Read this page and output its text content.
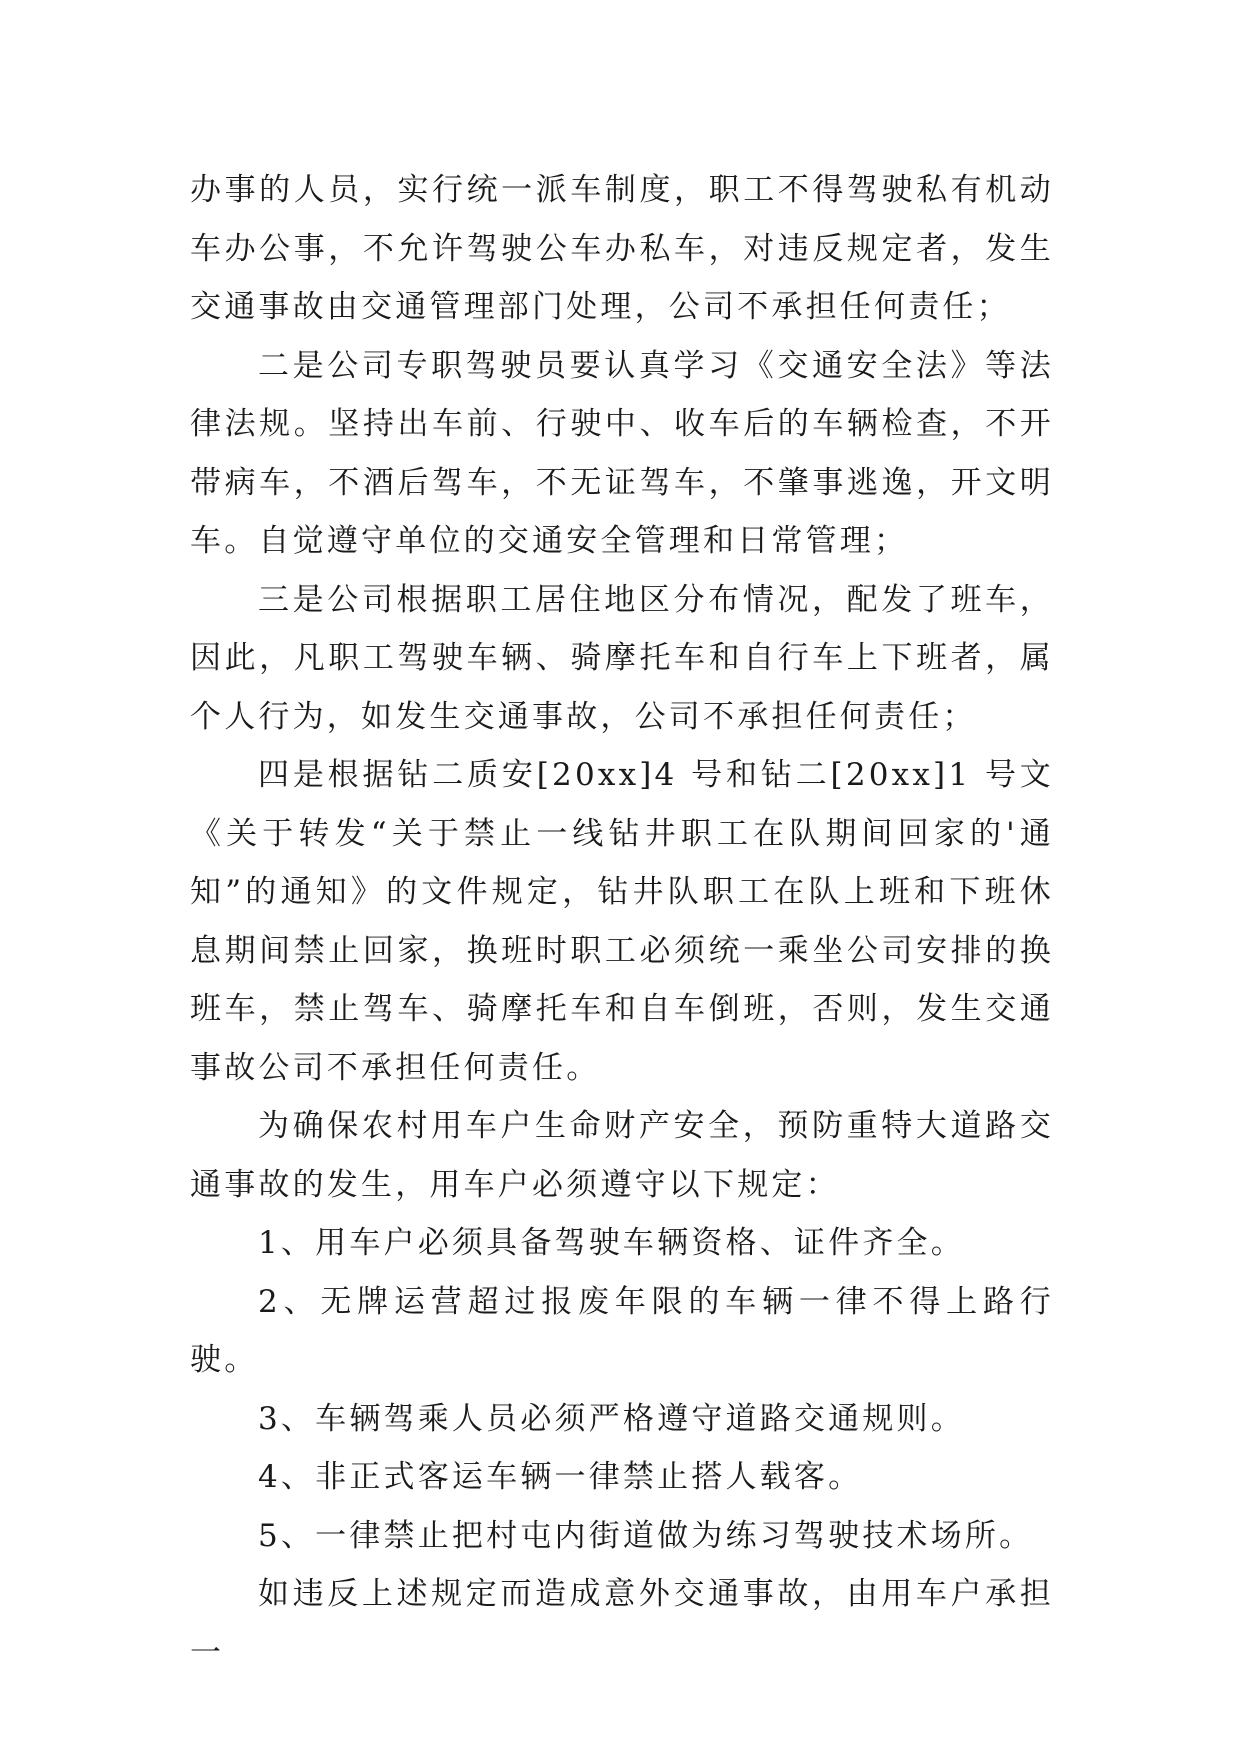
办事的人员，实行统一派车制度，职工不得驾驶私有机动车办公事，不允许驾驶公车办私车，对违反规定者，发生交通事故由交通管理部门处理，公司不承担任何责任；

二是公司专职驾驶员要认真学习《交通安全法》等法律法规。坚持出车前、行驶中、收车后的车辆检查，不开带病车，不酒后驾车，不无证驾车，不肇事逃逸，开文明车。自觉遵守单位的交通安全管理和日常管理；

三是公司根据职工居住地区分布情况，配发了班车，因此，凡职工驾驶车辆、骑摩托车和自行车上下班者，属个人行为，如发生交通事故，公司不承担任何责任；

四是根据钻二质安[20xx]4 号和钻二[20xx]1 号文《关于转发“关于禁止一线钻井职工在队期间回家的'通知”的通知》的文件规定，钻井队职工在队上班和下班休息期间禁止回家，换班时职工必须统一乘坐公司安排的换班车，禁止驾车、骑摩托车和自车倒班，否则，发生交通事故公司不承担任何责任。

为确保农村用车户生命财产安全，预防重特大道路交通事故的发生，用车户必须遵守以下规定：

1、用车户必须具备驾驶车辆资格、证件齐全。

2、无牌运营超过报废年限的车辆一律不得上路行驶。

3、车辆驾乘人员必须严格遵守道路交通规则。

4、非正式客运车辆一律禁止搭人载客。

5、一律禁止把村屯内街道做为练习驾驶技术场所。

如违反上述规定而造成意外交通事故，由用车户承担一
